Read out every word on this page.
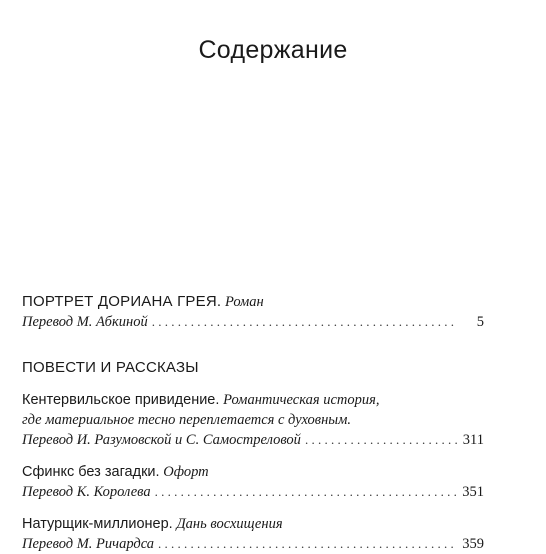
Содержание
ПОРТРЕТ ДОРИАНА ГРЕЯ.
Роман
Перевод М. Абкиной . . .	5
ПОВЕСТИ И РАССКАЗЫ
Кентервильское привидение.
Романтическая история,
где материальное тесно переплетается с духовным.
Перевод И. Разумовской и С. Самостреловой . . .	311
Сфинкс без загадки.
Офорт
Перевод К. Королева . . .	351
Натурщик-миллионер.
Дань восхищения
Перевод М. Ричардса . . .	359
